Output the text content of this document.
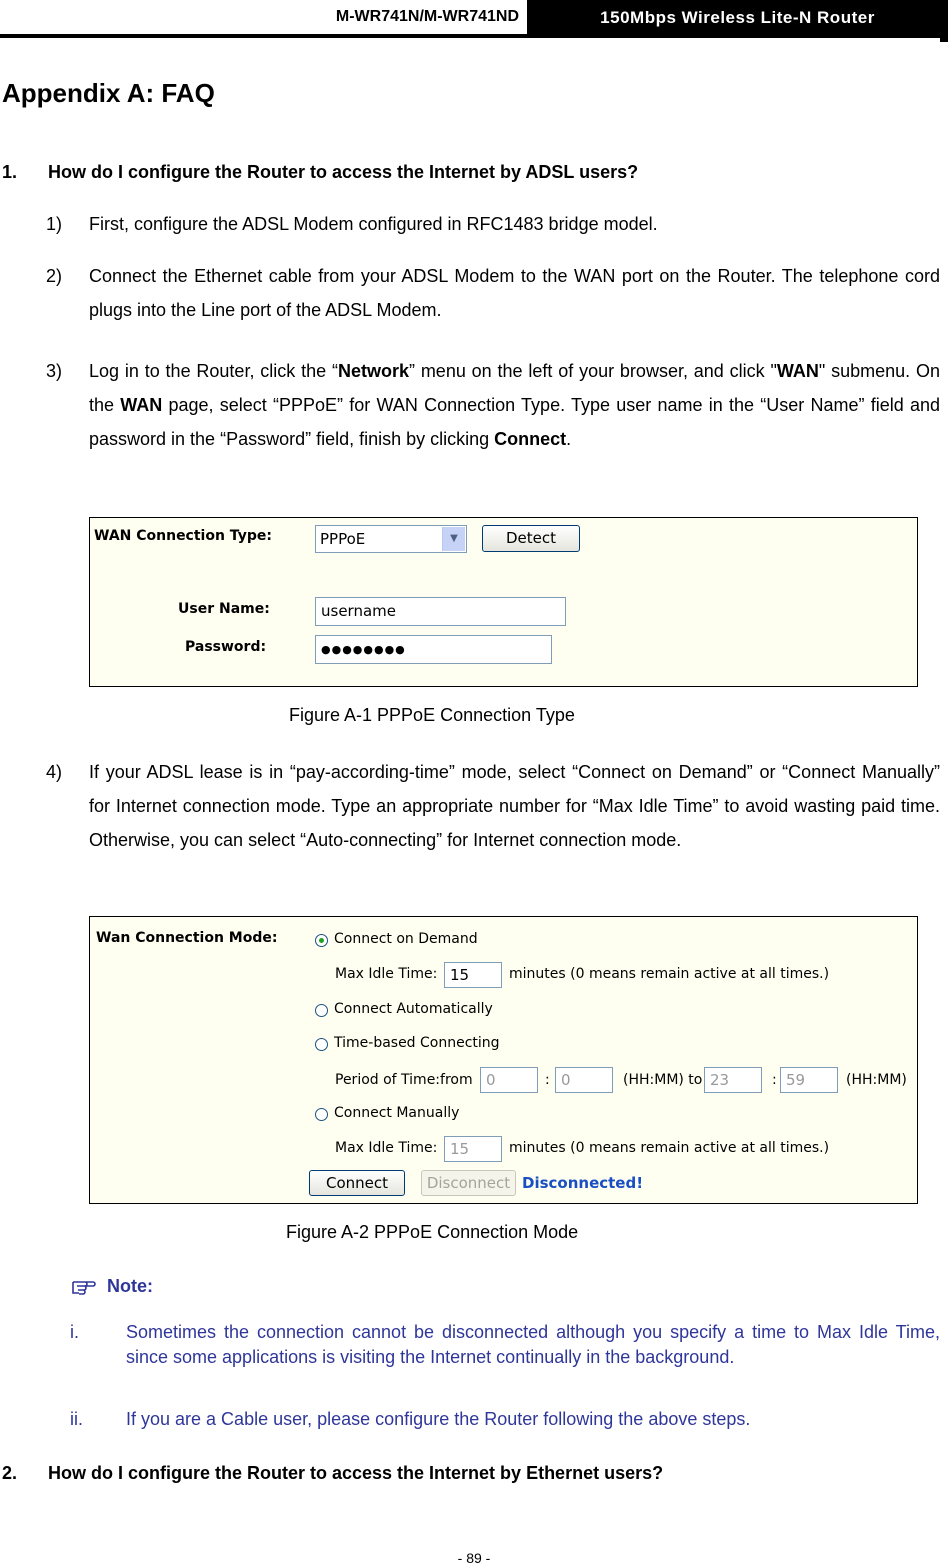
M-WR741N/M-WR741ND	150Mbps Wireless Lite-N Router
Appendix A: FAQ
1. How do I configure the Router to access the Internet by ADSL users?
1) First, configure the ADSL Modem configured in RFC1483 bridge model.
2) Connect the Ethernet cable from your ADSL Modem to the WAN port on the Router. The telephone cord plugs into the Line port of the ADSL Modem.
3) Log in to the Router, click the “Network” menu on the left of your browser, and click "WAN" submenu. On the WAN page, select “PPPoE” for WAN Connection Type. Type user name in the “User Name” field and password in the “Password” field, finish by clicking Connect.
WAN Connection Type:	PPPoE	▼	Detect
User Name:	username
Password:	●●●●●●●●
Figure A-1 PPPoE Connection Type
4) If your ADSL lease is in “pay-according-time” mode, select “Connect on Demand” or “Connect Manually” for Internet connection mode. Type an appropriate number for “Max Idle Time” to avoid wasting paid time. Otherwise, you can select “Auto-connecting” for Internet connection mode.
Wan Connection Mode:	Connect on Demand
Max Idle Time: 15	minutes (0 means remain active at all times.)
Connect Automatically
Time-based Connecting
Period of Time:from 0	: 0	(HH:MM) to 23	: 59	(HH:MM)
Connect Manually
Max Idle Time: 15	minutes (0 means remain active at all times.)
Connect	Disconnect Disconnected!
Figure A-2 PPPoE Connection Mode
Note:
i.	Sometimes the connection cannot be disconnected although you specify a time to Max Idle Time, since some applications is visiting the Internet continually in the background.
ii. If you are a Cable user, please configure the Router following the above steps.
2. How do I configure the Router to access the Internet by Ethernet users?
- 89 -
